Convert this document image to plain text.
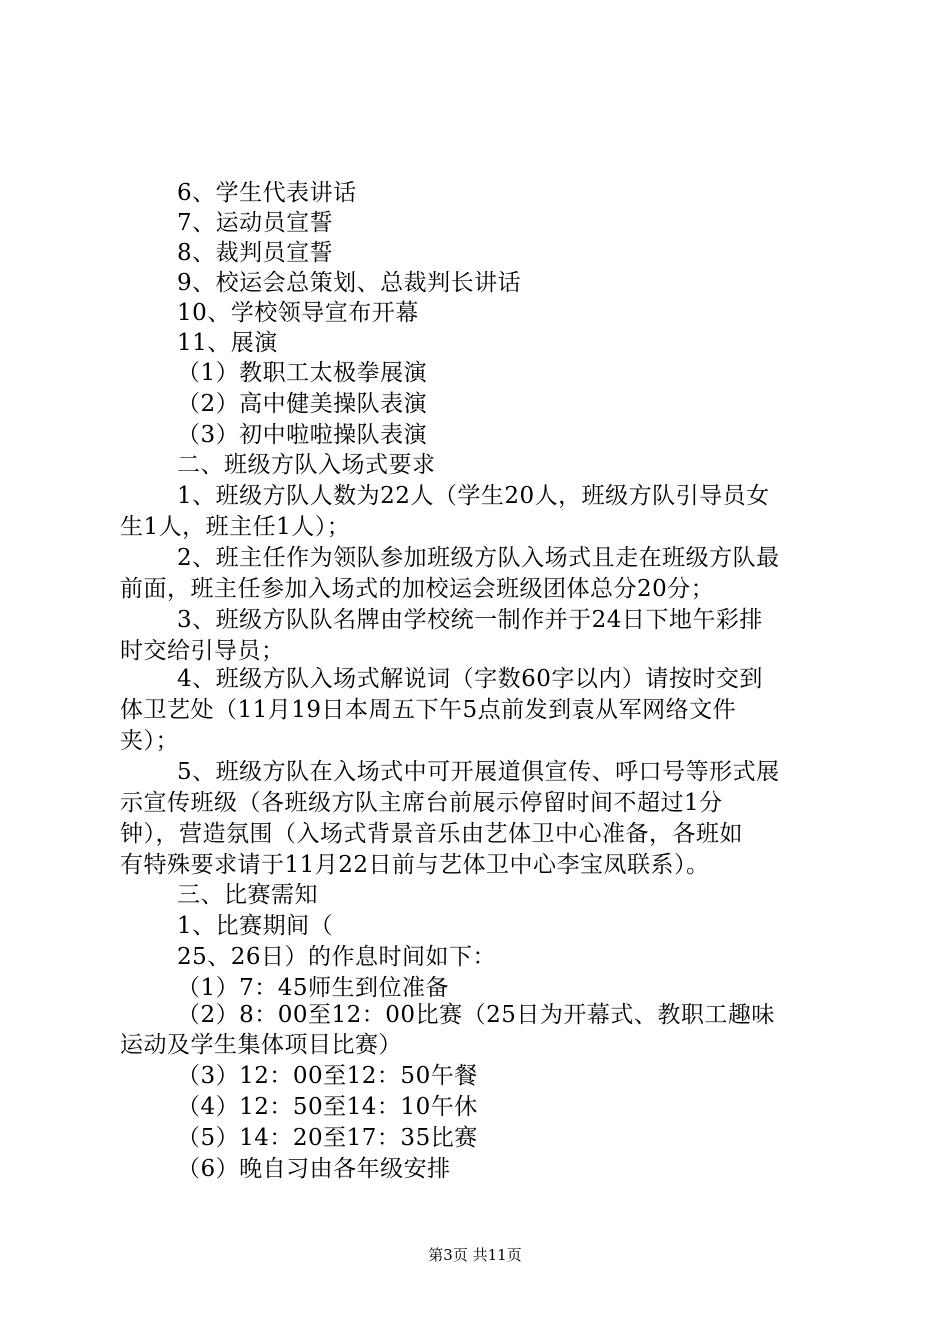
6、学生代表讲话
7、运动员宣誓
8、裁判员宣誓
9、校运会总策划、总裁判长讲话
10、学校领导宣布开幕
11、展演
（1）教职工太极拳展演
（2）高中健美操队表演
（3）初中啦啦操队表演
二、班级方队入场式要求
1、班级方队人数为22人（学生20人，班级方队引导员女
生1人，班主任1人）；
2、班主任作为领队参加班级方队入场式且走在班级方队最
前面，班主任参加入场式的加校运会班级团体总分20分；
3、班级方队队名牌由学校统一制作并于24日下地午彩排
时交给引导员；
4、班级方队入场式解说词（字数60字以内）请按时交到
体卫艺处（11月19日本周五下午5点前发到袁从军网络文件
夹）；
5、班级方队在入场式中可开展道俱宣传、呼口号等形式展
示宣传班级（各班级方队主席台前展示停留时间不超过1分
钟），营造氛围（入场式背景音乐由艺体卫中心准备，各班如
有特殊要求请于11月22日前与艺体卫中心李宝凤联系）。
三、比赛需知
1、比赛期间（
25、26日）的作息时间如下：
（1）7：45师生到位准备
（2）8：00至12：00比赛（25日为开幕式、教职工趣味
运动及学生集体项目比赛）
（3）12：00至12：50午餐
（4）12：50至14：10午休
（5）14：20至17：35比赛
（6）晚自习由各年级安排
第3页 共11页
